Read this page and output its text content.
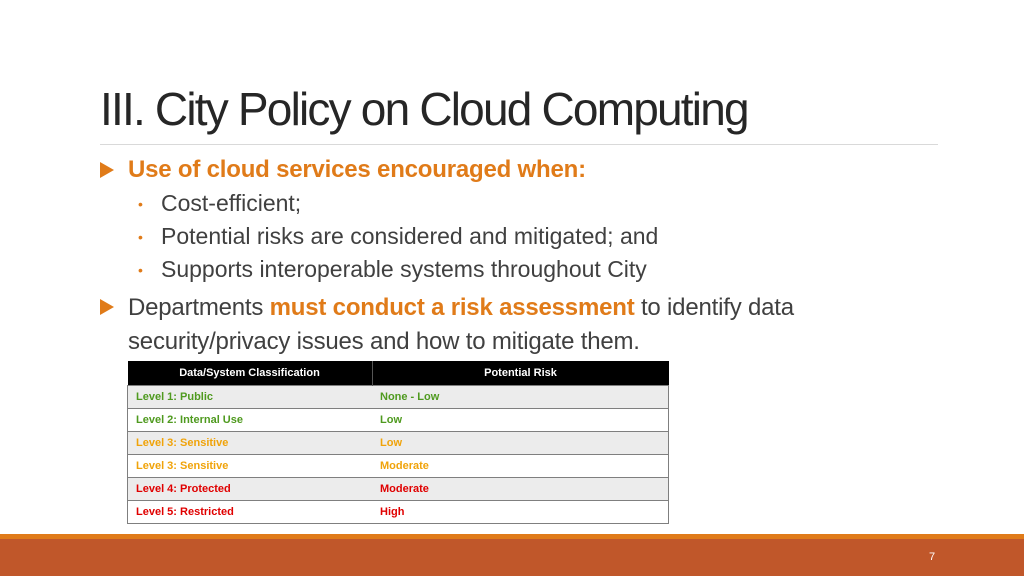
III. City Policy on Cloud Computing
Use of cloud services encouraged when:
• Cost-efficient;
• Potential risks are considered and mitigated; and
• Supports interoperable systems throughout City
Departments must conduct a risk assessment to identify data security/privacy issues and how to mitigate them.
Data/System Classification	Potential Risk
Level 1: Public	None - Low
Level 2: Internal Use	Low
Level 3: Sensitive	Low
Level 3: Sensitive	Moderate
Level 4: Protected	Moderate
Level 5: Restricted	High
7
